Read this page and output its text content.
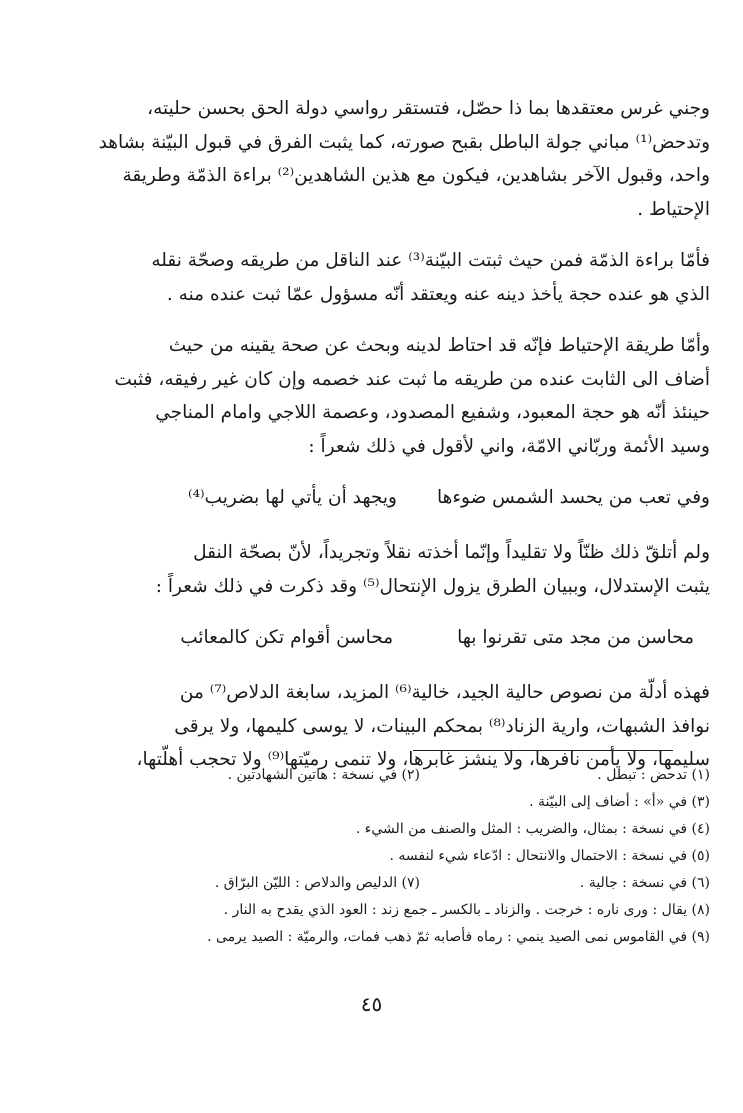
وجني غرس معتقدها بما ذا حصّل، فتستقر رواسي دولة الحق بحسن حليته،
وتدحض⁽¹⁾ مباني جولة الباطل بقبح صورته، كما يثبت الفرق في قبول البيّنة بشاهد
واحد، وقبول الآخر بشاهدين، فيكون مع هذين الشاهدين⁽²⁾ براءة الذمّة وطريقة
الإحتياط .
فأمّا براءة الذمّة فمن حيث ثبتت البيّنة⁽³⁾ عند الناقل من طريقه وصحّة نقله
الذي هو عنده حجة يأخذ دينه عنه ويعتقد أنّه مسؤول عمّا ثبت عنده منه .
وأمّا طريقة الإحتياط فإنّه قد احتاط لدينه وبحث عن صحة يقينه من حيث
أضاف الى الثابت عنده من طريقه ما ثبت عند خصمه وإن كان غير رفيقه، فثبت
حينئذ أنّه هو حجة المعبود، وشفيع المصدود، وعصمة اللاجي وامام المناجي
وسيد الأئمة وربّاني الامّة، واني لأقول في ذلك شعراً :
وفي تعب من يحسد الشمس ضوءها
ويجهد أن يأتي لها بضريب⁽⁴⁾
ولم أتلقّ ذلك ظنّاً ولا تقليداً وإنّما أخذته نقلاً وتجريداً، لأنّ بصحّة النقل
يثبت الإستدلال، وببيان الطرق يزول الإنتحال⁽⁵⁾ وقد ذكرت في ذلك شعراً :
محاسن من مجد متى تقرنوا بها
محاسن أقوام تكن كالمعائب
فهذه أدلّة من نصوص حالية الجيد، خالية⁽⁶⁾ المزيد، سابغة الدلاص⁽⁷⁾ من
نوافذ الشبهات، وارية الزناد⁽⁸⁾ بمحكم البينات، لا يوسى كليمها، ولا يرقى
سليمها، ولا يأمن نافرها، ولا ينشز غابرها، ولا تنمى رميّتها⁽⁹⁾ ولا تحجب أهلّتها،
(١) تدحض : تبطل .
(٢) في نسخة : هاتين الشهادتين .
(٣) في «أ» : أضاف إلى البيّنة .
(٤) في نسخة : بمثال، والضريب : المثل والصنف من الشيء .
(٥) في نسخة : الاحتمال والانتحال : ادّعاء شيء لنفسه .
(٦) في نسخة : جالية .
(٧) الدليص والدلاص : الليّن البرّاق .
(٨) يقال : ورى ناره : خرجت . والزناد ـ بالكسر ـ جمع زند : العود الذي يقدح به النار .
(٩) في القاموس نمى الصيد ينمي : رماه فأصابه ثمّ ذهب فمات، والرميّة : الصيد يرمى .
٤٥
